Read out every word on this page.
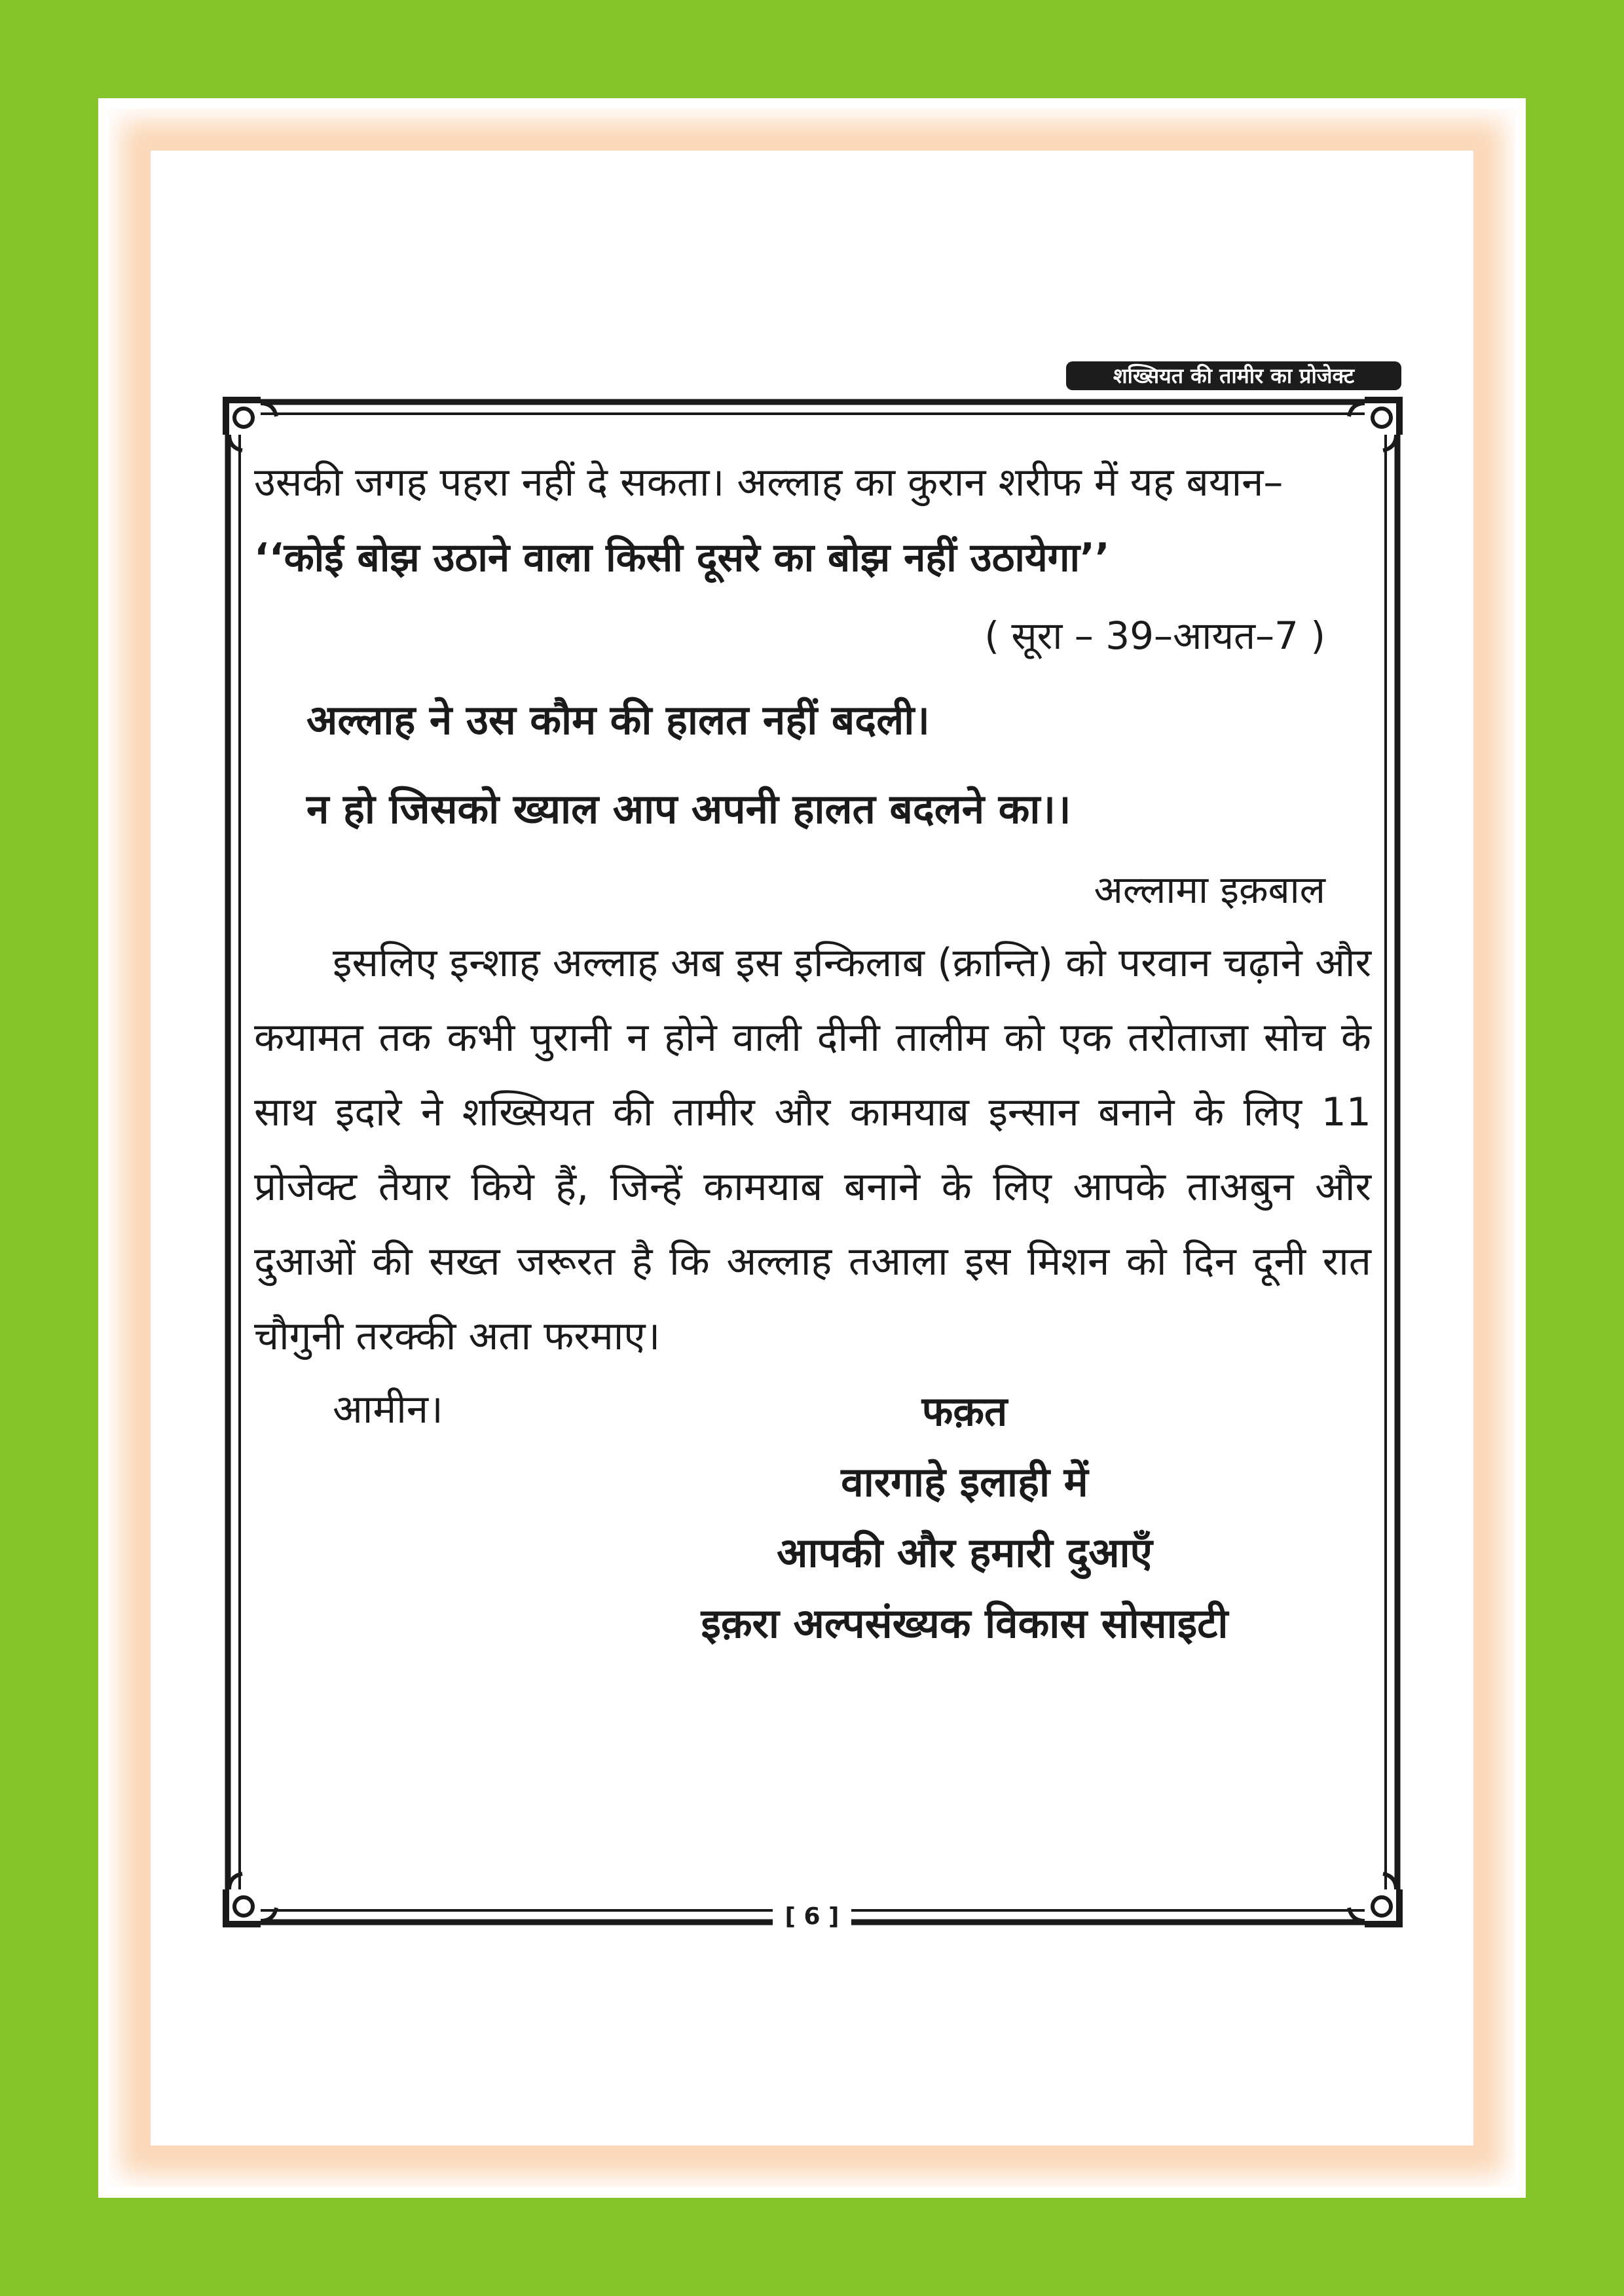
शख्सियत की तामीर का प्रोजेक्ट

उसकी जगह पहरा नहीं दे सकता। अल्लाह का कुरान शरीफ में यह बयान–

‘‘कोई बोझ उठाने वाला किसी दूसरे का बोझ नहीं उठायेगा’’

( सूरा – 39–आयत–7 )

अल्लाह ने उस कौम की हालत नहीं बदली।

न हो जिसको ख्याल आप अपनी हालत बदलने का।।

अल्लामा इक़बाल

इसलिए इन्शाह अल्लाह अब इस इन्किलाब (क्रान्ति) को परवान चढ़ाने और कयामत तक कभी पुरानी न होने वाली दीनी तालीम को एक तरोताजा सोच के साथ इदारे ने शख्सियत की तामीर और कामयाब इन्सान बनाने के लिए 11 प्रोजेक्ट तैयार किये हैं, जिन्हें कामयाब बनाने के लिए आपके ताअबुन और दुआओं की सख्त जरूरत है कि अल्लाह तआला इस मिशन को दिन दूनी रात चौगुनी तरक्की अता फरमाए।

आमीन।	फक़त
वारगाहे इलाही में
आपकी और हमारी दुआएँ
इक़रा अल्पसंख्यक विकास सोसाइटी
[ 6 ]
